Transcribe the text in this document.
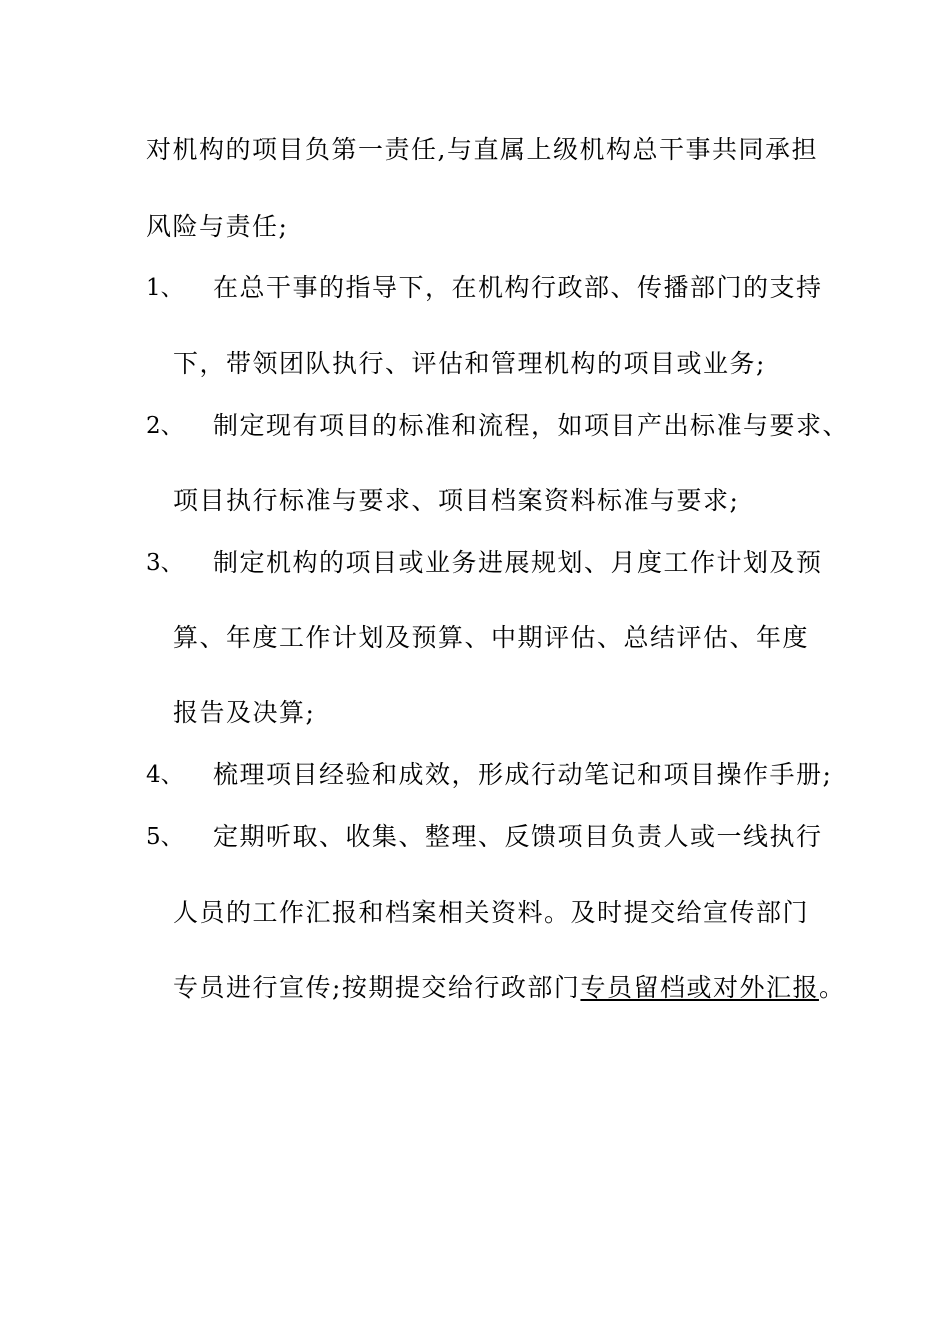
对机构的项目负第一责任,与直属上级机构总干事共同承担
风险与责任;
1、 在总干事的指导下，在机构行政部、传播部门的支持
下，带领团队执行、评估和管理机构的项目或业务;
2、 制定现有项目的标准和流程，如项目产出标准与要求、
项目执行标准与要求、项目档案资料标准与要求;
3、 制定机构的项目或业务进展规划、月度工作计划及预
算、年度工作计划及预算、中期评估、总结评估、年度
报告及决算;
4、 梳理项目经验和成效，形成行动笔记和项目操作手册;
5、 定期听取、收集、整理、反馈项目负责人或一线执行
人员的工作汇报和档案相关资料。及时提交给宣传部门
专员进行宣传;按期提交给行政部门专员留档或对外汇报。
